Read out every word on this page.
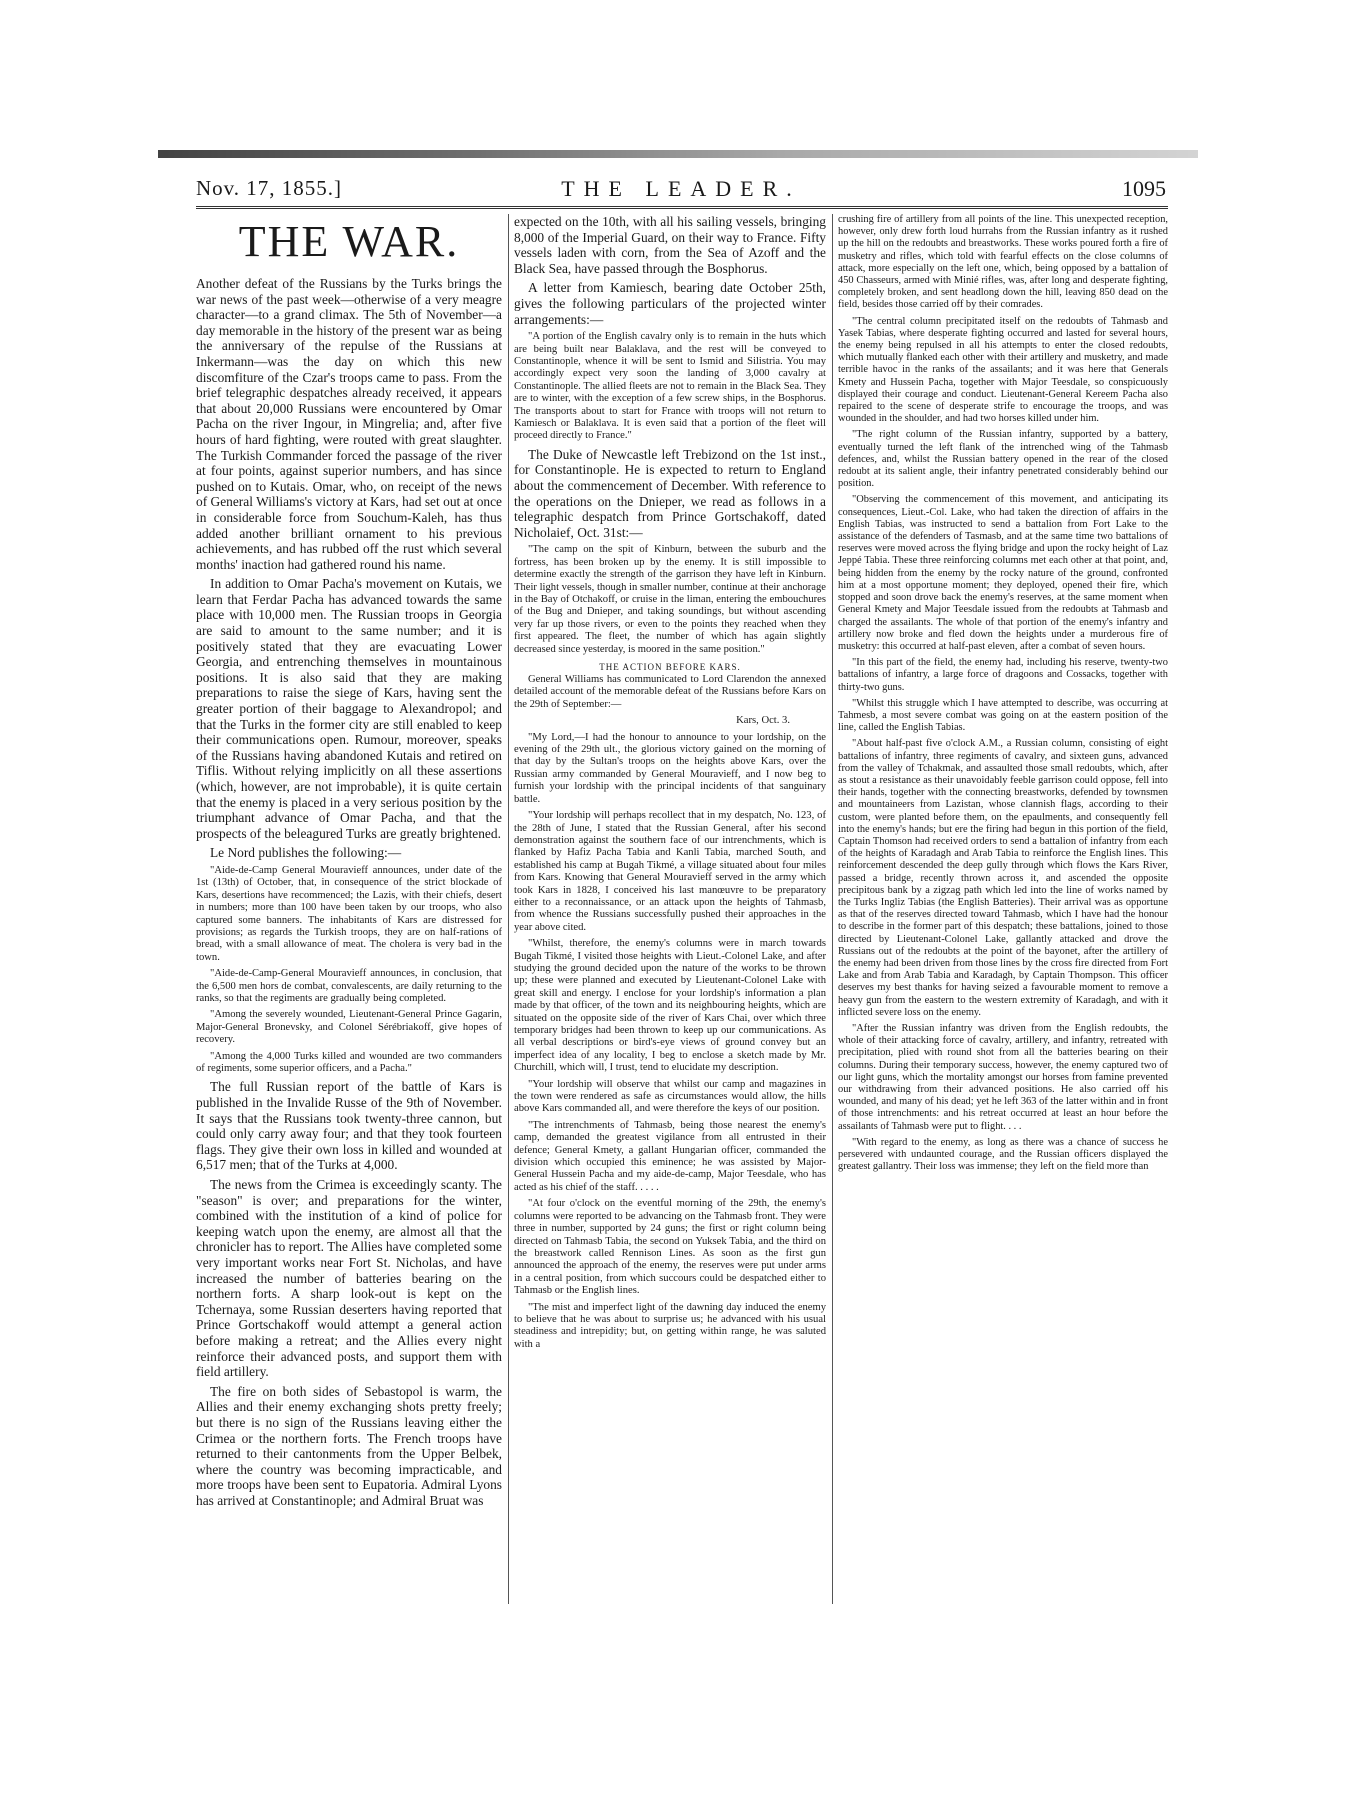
Nov. 17, 1855.]	THE LEADER.	1095
THE WAR.

Another defeat of the Russians by the Turks brings the war news of the past week—otherwise of a very meagre character—to a grand climax. The 5th of November—a day memorable in the history of the present war as being the anniversary of the repulse of the Russians at Inkermann—was the day on which this new discomfiture of the Czar's troops came to pass. From the brief telegraphic despatches already received, it appears that about 20,000 Russians were encountered by Omar Pacha on the river Ingour, in Mingrelia; and, after five hours of hard fighting, were routed with great slaughter. The Turkish Commander forced the passage of the river at four points, against superior numbers, and has since pushed on to Kutais. Omar, who, on receipt of the news of General Williams's victory at Kars, had set out at once in considerable force from Souchum-Kaleh, has thus added another brilliant ornament to his previous achievements, and has rubbed off the rust which several months' inaction had gathered round his name.

In addition to Omar Pacha's movement on Kutais, we learn that Ferdar Pacha has advanced towards the same place with 10,000 men. The Russian troops in Georgia are said to amount to the same number; and it is positively stated that they are evacuating Lower Georgia, and entrenching themselves in mountainous positions. It is also said that they are making preparations to raise the siege of Kars, having sent the greater portion of their baggage to Alexandropol; and that the Turks in the former city are still enabled to keep their communications open. Rumour, moreover, speaks of the Russians having abandoned Kutais and retired on Tiflis. Without relying implicitly on all these assertions (which, however, are not improbable), it is quite certain that the enemy is placed in a very serious position by the triumphant advance of Omar Pacha, and that the prospects of the beleagured Turks are greatly brightened.

Le Nord publishes the following:—

"Aide-de-Camp General Mouravieff announces, under date of the 1st (13th) of October, that, in consequence of the strict blockade of Kars, desertions have recommenced; the Lazis, with their chiefs, desert in numbers; more than 100 have been taken by our troops, who also captured some banners. The inhabitants of Kars are distressed for provisions; as regards the Turkish troops, they are on half-rations of bread, with a small allowance of meat. The cholera is very bad in the town.

"Aide-de-Camp-General Mouravieff announces, in conclusion, that the 6,500 men hors de combat, convalescents, are daily returning to the ranks, so that the regiments are gradually being completed.

"Among the severely wounded, Lieutenant-General Prince Gagarin, Major-General Bronevsky, and Colonel Sérébriakoff, give hopes of recovery.

"Among the 4,000 Turks killed and wounded are two commanders of regiments, some superior officers, and a Pacha."

The full Russian report of the battle of Kars is published in the Invalide Russe of the 9th of November. It says that the Russians took twenty-three cannon, but could only carry away four; and that they took fourteen flags. They give their own loss in killed and wounded at 6,517 men; that of the Turks at 4,000.

The news from the Crimea is exceedingly scanty. The "season" is over; and preparations for the winter, combined with the institution of a kind of police for keeping watch upon the enemy, are almost all that the chronicler has to report. The Allies have completed some very important works near Fort St. Nicholas, and have increased the number of batteries bearing on the northern forts. A sharp look-out is kept on the Tchernaya, some Russian deserters having reported that Prince Gortschakoff would attempt a general action before making a retreat; and the Allies every night reinforce their advanced posts, and support them with field artillery.

The fire on both sides of Sebastopol is warm, the Allies and their enemy exchanging shots pretty freely; but there is no sign of the Russians leaving either the Crimea or the northern forts. The French troops have returned to their cantonments from the Upper Belbek, where the country was becoming impracticable, and more troops have been sent to Eupatoria. Admiral Lyons has arrived at Constantinople; and Admiral Bruat was

expected on the 10th, with all his sailing vessels, bringing 8,000 of the Imperial Guard, on their way to France. Fifty vessels laden with corn, from the Sea of Azoff and the Black Sea, have passed through the Bosphorus.

A letter from Kamiesch, bearing date October 25th, gives the following particulars of the projected winter arrangements:—

"A portion of the English cavalry only is to remain in the huts which are being built near Balaklava, and the rest will be conveyed to Constantinople, whence it will be sent to Ismid and Silistria. You may accordingly expect very soon the landing of 3,000 cavalry at Constantinople. The allied fleets are not to remain in the Black Sea. They are to winter, with the exception of a few screw ships, in the Bosphorus. The transports about to start for France with troops will not return to Kamiesch or Balaklava. It is even said that a portion of the fleet will proceed directly to France."

The Duke of Newcastle left Trebizond on the 1st inst., for Constantinople. He is expected to return to England about the commencement of December. With reference to the operations on the Dnieper, we read as follows in a telegraphic despatch from Prince Gortschakoff, dated Nicholaief, Oct. 31st:—

"The camp on the spit of Kinburn, between the suburb and the fortress, has been broken up by the enemy. It is still impossible to determine exactly the strength of the garrison they have left in Kinburn. Their light vessels, though in smaller number, continue at their anchorage in the Bay of Otchakoff, or cruise in the liman, entering the embouchures of the Bug and Dnieper, and taking soundings, but without ascending very far up those rivers, or even to the points they reached when they first appeared. The fleet, the number of which has again slightly decreased since yesterday, is moored in the same position."

THE ACTION BEFORE KARS.

General Williams has communicated to Lord Clarendon the annexed detailed account of the memorable defeat of the Russians before Kars on the 29th of September:—

Kars, Oct. 3.

"My Lord,—I had the honour to announce to your lordship, on the evening of the 29th ult., the glorious victory gained on the morning of that day by the Sultan's troops on the heights above Kars, over the Russian army commanded by General Mouravieff, and I now beg to furnish your lordship with the principal incidents of that sanguinary battle.

"Your lordship will perhaps recollect that in my despatch, No. 123, of the 28th of June, I stated that the Russian General, after his second demonstration against the southern face of our intrenchments, which is flanked by Hafiz Pacha Tabia and Kanli Tabia, marched South, and established his camp at Bugah Tikmé, a village situated about four miles from Kars. Knowing that General Mouravieff served in the army which took Kars in 1828, I conceived his last manœuvre to be preparatory either to a reconnaissance, or an attack upon the heights of Tahmasb, from whence the Russians successfully pushed their approaches in the year above cited.

"Whilst, therefore, the enemy's columns were in march towards Bugah Tikmé, I visited those heights with Lieut.-Colonel Lake, and after studying the ground decided upon the nature of the works to be thrown up; these were planned and executed by Lieutenant-Colonel Lake with great skill and energy. I enclose for your lordship's information a plan made by that officer, of the town and its neighbouring heights, which are situated on the opposite side of the river of Kars Chai, over which three temporary bridges had been thrown to keep up our communications. As all verbal descriptions or bird's-eye views of ground convey but an imperfect idea of any locality, I beg to enclose a sketch made by Mr. Churchill, which will, I trust, tend to elucidate my description.

"Your lordship will observe that whilst our camp and magazines in the town were rendered as safe as circumstances would allow, the hills above Kars commanded all, and were therefore the keys of our position.

"The intrenchments of Tahmasb, being those nearest the enemy's camp, demanded the greatest vigilance from all entrusted in their defence; General Kmety, a gallant Hungarian officer, commanded the division which occupied this eminence; he was assisted by Major-General Hussein Pacha and my aide-de-camp, Major Teesdale, who has acted as his chief of the staff. . . . .

"At four o'clock on the eventful morning of the 29th, the enemy's columns were reported to be advancing on the Tahmasb front. They were three in number, supported by 24 guns; the first or right column being directed on Tahmasb Tabia, the second on Yuksek Tabia, and the third on the breastwork called Rennison Lines. As soon as the first gun announced the approach of the enemy, the reserves were put under arms in a central position, from which succours could be despatched either to Tahmasb or the English lines.

"The mist and imperfect light of the dawning day induced the enemy to believe that he was about to surprise us; he advanced with his usual steadiness and intrepidity; but, on getting within range, he was saluted with a

crushing fire of artillery from all points of the line. This unexpected reception, however, only drew forth loud hurrahs from the Russian infantry as it rushed up the hill on the redoubts and breastworks. These works poured forth a fire of musketry and rifles, which told with fearful effects on the close columns of attack, more especially on the left one, which, being opposed by a battalion of 450 Chasseurs, armed with Minié rifles, was, after long and desperate fighting, completely broken, and sent headlong down the hill, leaving 850 dead on the field, besides those carried off by their comrades.

"The central column precipitated itself on the redoubts of Tahmasb and Yasek Tabias, where desperate fighting occurred and lasted for several hours, the enemy being repulsed in all his attempts to enter the closed redoubts, which mutually flanked each other with their artillery and musketry, and made terrible havoc in the ranks of the assailants; and it was here that Generals Kmety and Hussein Pacha, together with Major Teesdale, so conspicuously displayed their courage and conduct. Lieutenant-General Kereem Pacha also repaired to the scene of desperate strife to encourage the troops, and was wounded in the shoulder, and had two horses killed under him.

"The right column of the Russian infantry, supported by a battery, eventually turned the left flank of the intrenched wing of the Tahmasb defences, and, whilst the Russian battery opened in the rear of the closed redoubt at its salient angle, their infantry penetrated considerably behind our position.

"Observing the commencement of this movement, and anticipating its consequences, Lieut.-Col. Lake, who had taken the direction of affairs in the English Tabias, was instructed to send a battalion from Fort Lake to the assistance of the defenders of Tasmasb, and at the same time two battalions of reserves were moved across the flying bridge and upon the rocky height of Laz Jeppé Tabia. These three reinforcing columns met each other at that point, and, being hidden from the enemy by the rocky nature of the ground, confronted him at a most opportune moment; they deployed, opened their fire, which stopped and soon drove back the enemy's reserves, at the same moment when General Kmety and Major Teesdale issued from the redoubts at Tahmasb and charged the assailants. The whole of that portion of the enemy's infantry and artillery now broke and fled down the heights under a murderous fire of musketry: this occurred at half-past eleven, after a combat of seven hours.

"In this part of the field, the enemy had, including his reserve, twenty-two battalions of infantry, a large force of dragoons and Cossacks, together with thirty-two guns.

"Whilst this struggle which I have attempted to describe, was occurring at Tahmesb, a most severe combat was going on at the eastern position of the line, called the English Tabias.

"About half-past five o'clock A.M., a Russian column, consisting of eight battalions of infantry, three regiments of cavalry, and sixteen guns, advanced from the valley of Tchakmak, and assaulted those small redoubts, which, after as stout a resistance as their unavoidably feeble garrison could oppose, fell into their hands, together with the connecting breastworks, defended by townsmen and mountaineers from Lazistan, whose clannish flags, according to their custom, were planted before them, on the epaulments, and consequently fell into the enemy's hands; but ere the firing had begun in this portion of the field, Captain Thomson had received orders to send a battalion of infantry from each of the heights of Karadagh and Arab Tabia to reinforce the English lines. This reinforcement descended the deep gully through which flows the Kars River, passed a bridge, recently thrown across it, and ascended the opposite precipitous bank by a zigzag path which led into the line of works named by the Turks Ingliz Tabias (the English Batteries). Their arrival was as opportune as that of the reserves directed toward Tahmasb, which I have had the honour to describe in the former part of this despatch; these battalions, joined to those directed by Lieutenant-Colonel Lake, gallantly attacked and drove the Russians out of the redoubts at the point of the bayonet, after the artillery of the enemy had been driven from those lines by the cross fire directed from Fort Lake and from Arab Tabia and Karadagh, by Captain Thompson. This officer deserves my best thanks for having seized a favourable moment to remove a heavy gun from the eastern to the western extremity of Karadagh, and with it inflicted severe loss on the enemy.

"After the Russian infantry was driven from the English redoubts, the whole of their attacking force of cavalry, artillery, and infantry, retreated with precipitation, plied with round shot from all the batteries bearing on their columns. During their temporary success, however, the enemy captured two of our light guns, which the mortality amongst our horses from famine prevented our withdrawing from their advanced positions. He also carried off his wounded, and many of his dead; yet he left 363 of the latter within and in front of those intrenchments: and his retreat occurred at least an hour before the assailants of Tahmasb were put to flight. . . .

"With regard to the enemy, as long as there was a chance of success he persevered with undaunted courage, and the Russian officers displayed the greatest gallantry. Their loss was immense; they left on the field more than
